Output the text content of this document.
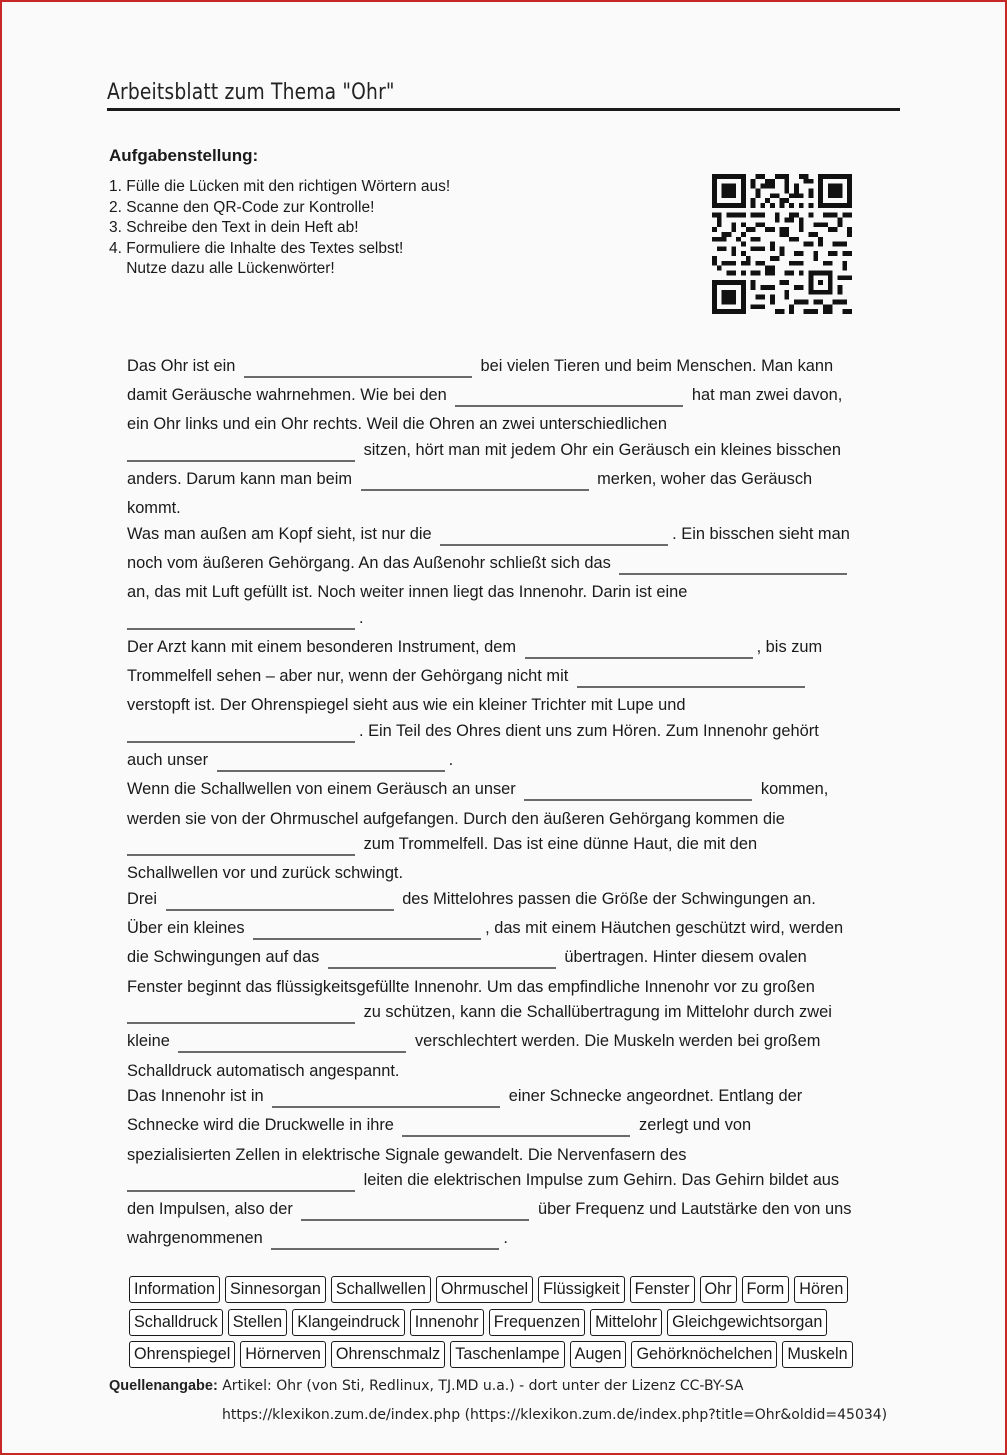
Arbeitsblatt zum Thema "Ohr"
Aufgabenstellung:
1. Fülle die Lücken mit den richtigen Wörtern aus!
2. Scanne den QR-Code zur Kontrolle!
3. Schreibe den Text in dein Heft ab!
4. Formuliere die Inhalte des Textes selbst!
Nutze dazu alle Lückenwörter!
Das Ohr ist ein	bei vielen Tieren und beim Menschen. Man kann
damit Geräusche wahrnehmen. Wie bei den	hat man zwei davon,
ein Ohr links und ein Ohr rechts. Weil die Ohren an zwei unterschiedlichen
sitzen, hört man mit jedem Ohr ein Geräusch ein kleines bisschen
anders. Darum kann man beim	merken, woher das Geräusch
kommt.
Was man außen am Kopf sieht, ist nur die	. Ein bisschen sieht man
noch vom äußeren Gehörgang. An das Außenohr schließt sich das
an, das mit Luft gefüllt ist. Noch weiter innen liegt das Innenohr. Darin ist eine
.
Der Arzt kann mit einem besonderen Instrument, dem	, bis zum
Trommelfell sehen – aber nur, wenn der Gehörgang nicht mit
verstopft ist. Der Ohrenspiegel sieht aus wie ein kleiner Trichter mit Lupe und
. Ein Teil des Ohres dient uns zum Hören. Zum Innenohr gehört
auch unser	.
Wenn die Schallwellen von einem Geräusch an unser	kommen,
werden sie von der Ohrmuschel aufgefangen. Durch den äußeren Gehörgang kommen die
zum Trommelfell. Das ist eine dünne Haut, die mit den
Schallwellen vor und zurück schwingt.
Drei	des Mittelohres passen die Größe der Schwingungen an.
Über ein kleines	, das mit einem Häutchen geschützt wird, werden
die Schwingungen auf das	übertragen. Hinter diesem ovalen
Fenster beginnt das flüssigkeitsgefüllte Innenohr. Um das empfindliche Innenohr vor zu großen
zu schützen, kann die Schallübertragung im Mittelohr durch zwei
kleine	verschlechtert werden. Die Muskeln werden bei großem
Schalldruck automatisch angespannt.
Das Innenohr ist in	einer Schnecke angeordnet. Entlang der
Schnecke wird die Druckwelle in ihre	zerlegt und von
spezialisierten Zellen in elektrische Signale gewandelt. Die Nervenfasern des
leiten die elektrischen Impulse zum Gehirn. Das Gehirn bildet aus
den Impulsen, also der	über Frequenz und Lautstärke den von uns
wahrgenommenen	.
Information Sinnesorgan Schallwellen Ohrmuschel Flüssigkeit Fenster Ohr Form Hören
Schalldruck Stellen Klangeindruck Innenohr Frequenzen Mittelohr Gleichgewichtsorgan
Ohrenspiegel Hörnerven Ohrenschmalz Taschenlampe Augen Gehörknöchelchen Muskeln
Quellenangabe: Artikel: Ohr (von Sti, Redlinux, TJ.MD u.a.) - dort unter der Lizenz CC-BY-SA
https://klexikon.zum.de/index.php (https://klexikon.zum.de/index.php?title=Ohr&oldid=45034)
